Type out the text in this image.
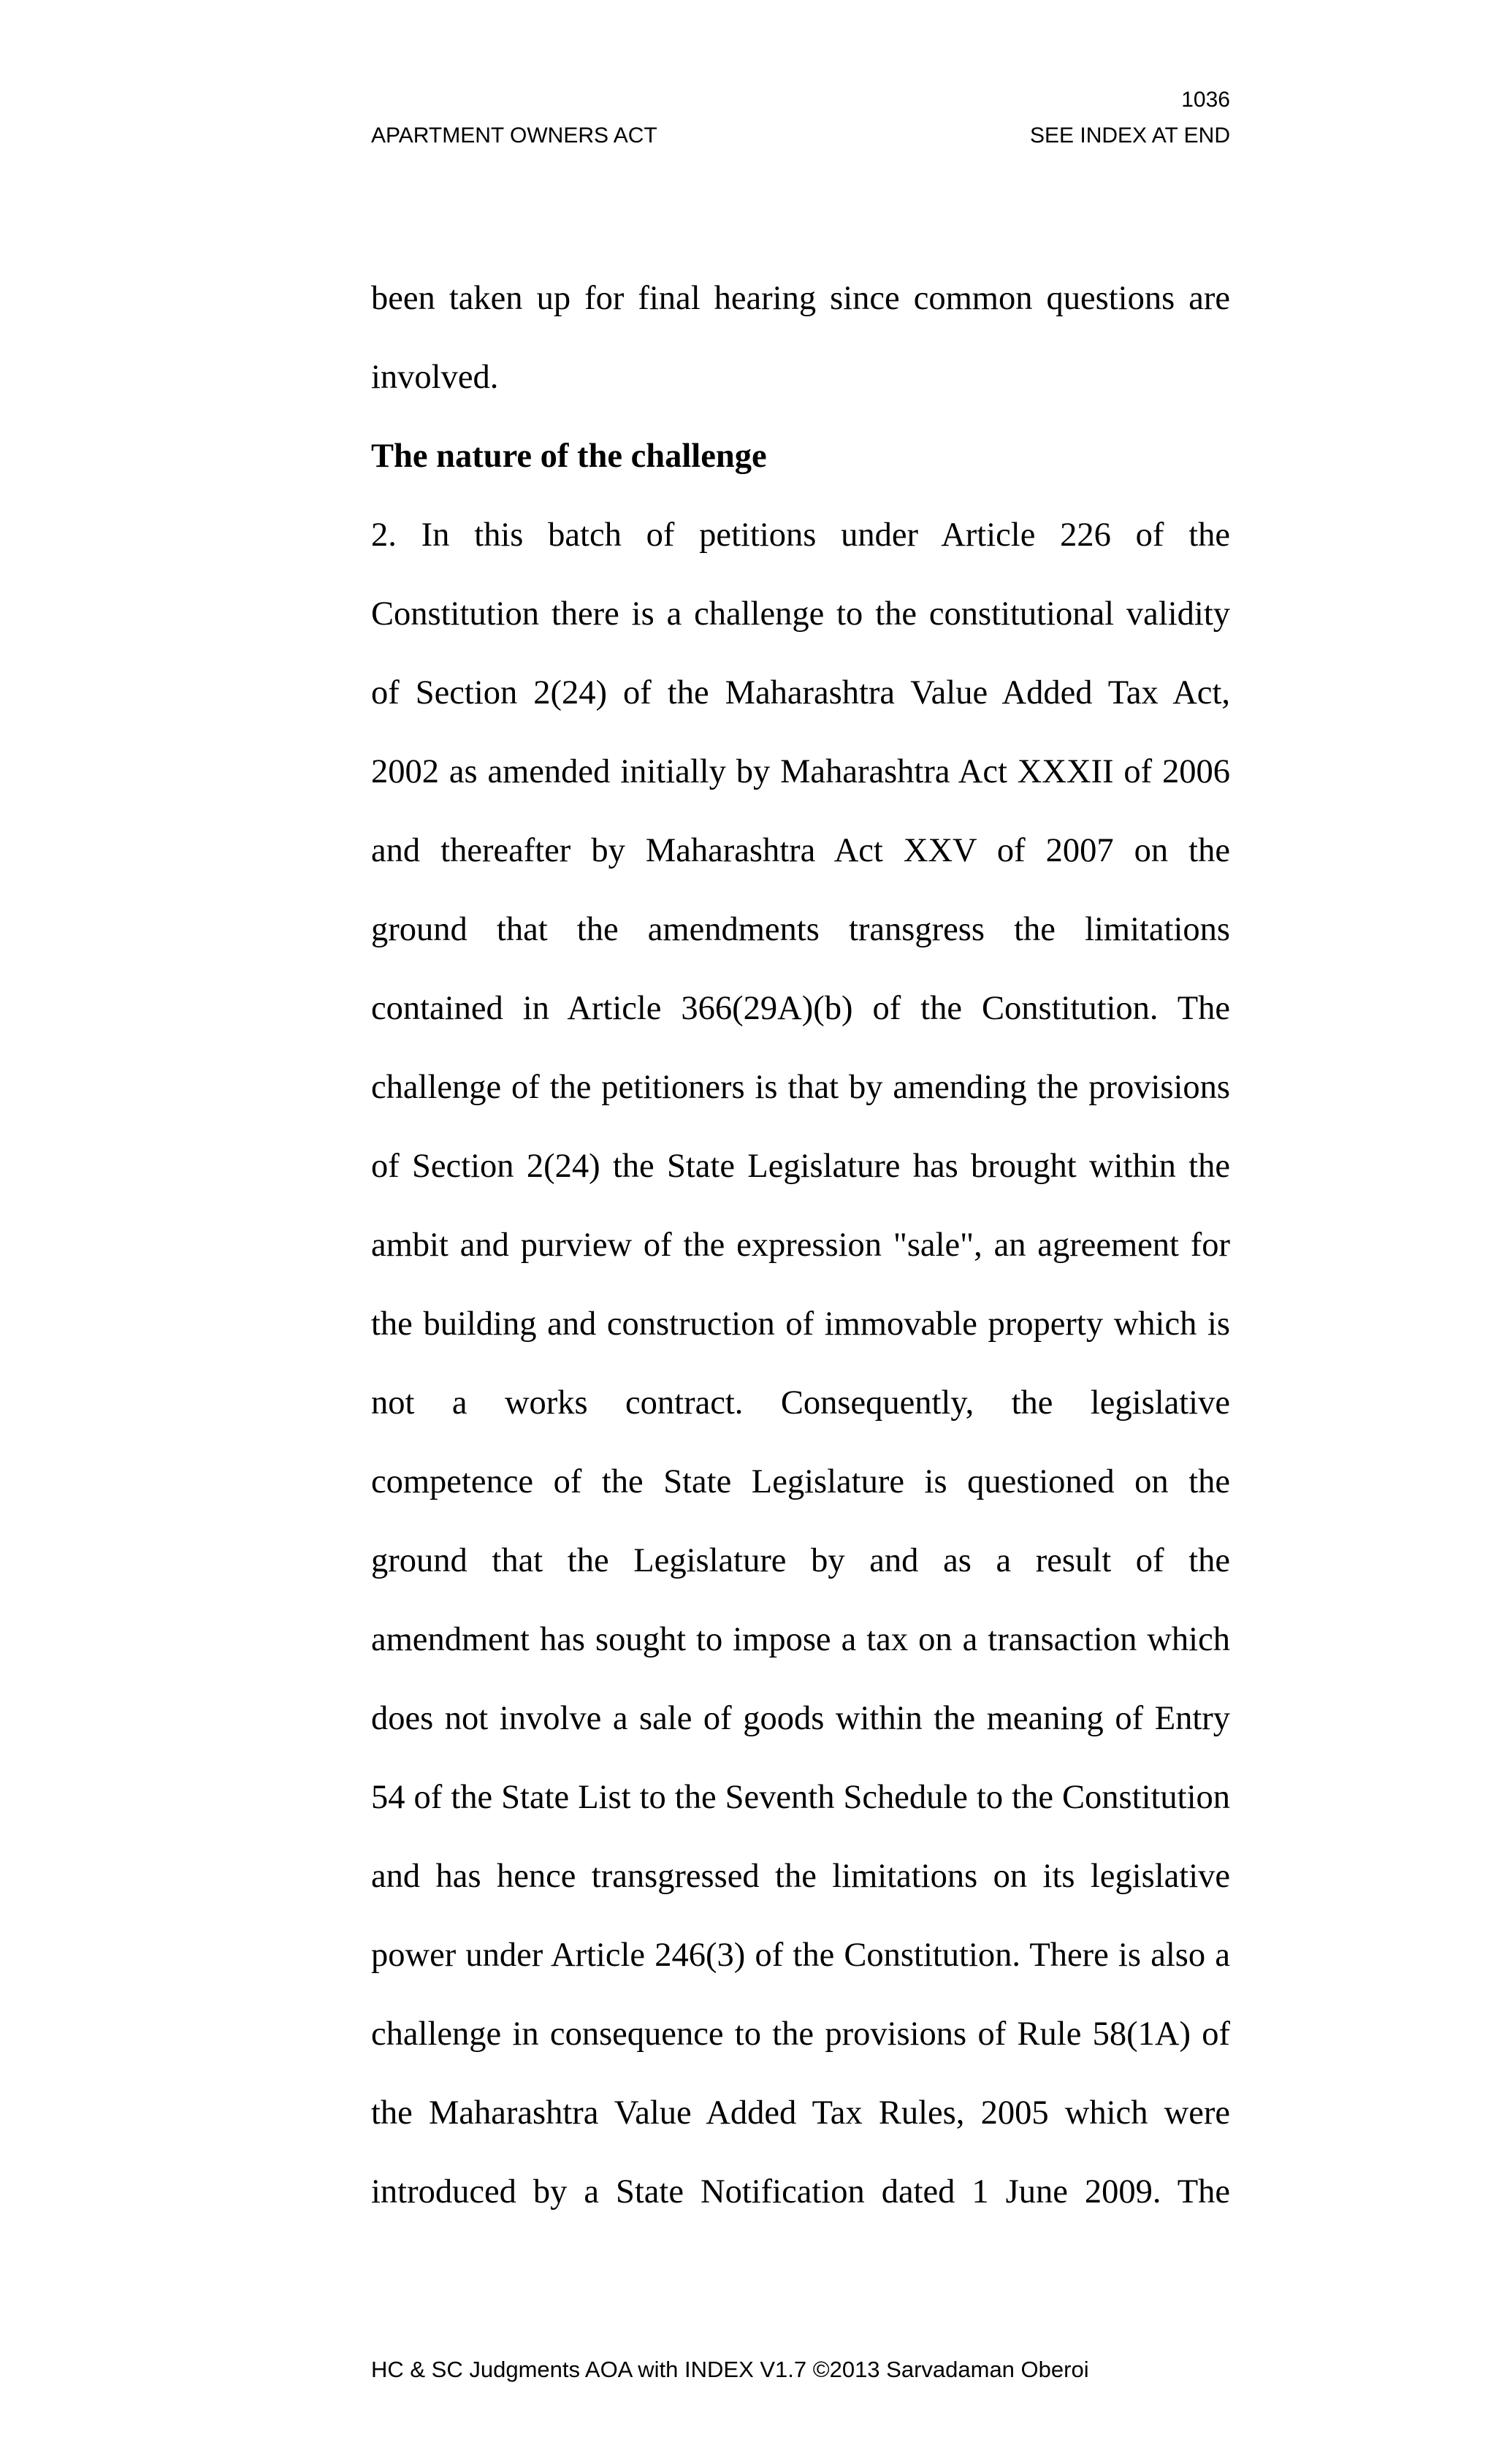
1036
APARTMENT OWNERS ACT	SEE INDEX AT END

been taken up for final hearing since common questions are

involved.

The nature of the challenge

2. In this batch of petitions under Article 226 of the

Constitution there is a challenge to the constitutional validity

of Section 2(24) of the Maharashtra Value Added Tax Act,

2002 as amended initially by Maharashtra Act XXXII of 2006

and thereafter by Maharashtra Act XXV of 2007 on the

ground that the amendments transgress the limitations

contained in Article 366(29A)(b) of the Constitution. The

challenge of the petitioners is that by amending the provisions

of Section 2(24) the State Legislature has brought within the

ambit and purview of the expression "sale", an agreement for

the building and construction of immovable property which is

not a works contract. Consequently, the legislative

competence of the State Legislature is questioned on the

ground that the Legislature by and as a result of the

amendment has sought to impose a tax on a transaction which

does not involve a sale of goods within the meaning of Entry

54 of the State List to the Seventh Schedule to the Constitution

and has hence transgressed the limitations on its legislative

power under Article 246(3) of the Constitution. There is also a

challenge in consequence to the provisions of Rule 58(1A) of

the Maharashtra Value Added Tax Rules, 2005 which were

introduced by a State Notification dated 1 June 2009. The

HC & SC Judgments AOA with INDEX V1.7 ©2013 Sarvadaman Oberoi
